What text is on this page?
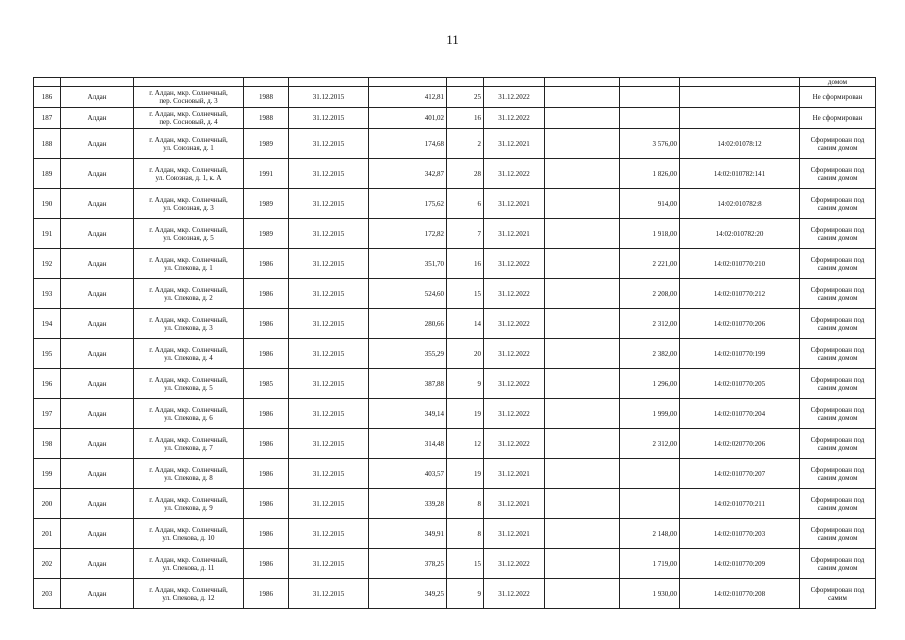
11
											домом
186	Алдан	г. Алдан, мкр. Солнечный,
пер. Сосновый, д. 3	1988	31.12.2015	412,81	25	31.12.2022				Не сформирован
187	Алдан	г. Алдан, мкр. Солнечный,
пер. Сосновый, д. 4	1988	31.12.2015	401,02	16	31.12.2022				Не сформирован
188	Алдан	г. Алдан, мкр. Солнечный,
ул. Союзная, д. 1	1989	31.12.2015	174,68	2	31.12.2021		3 576,00	14:02:01078:12	Сформирован под самим домом
189	Алдан	г. Алдан, мкр. Солнечный,
ул. Союзная, д. 1, к. А	1991	31.12.2015	342,87	28	31.12.2022		1 826,00	14:02:010782:141	Сформирован под самим домом
190	Алдан	г. Алдан, мкр. Солнечный,
ул. Союзная, д. 3	1989	31.12.2015	175,62	6	31.12.2021		914,00	14:02:010782:8	Сформирован под самим домом
191	Алдан	г. Алдан, мкр. Солнечный,
ул. Союзная, д. 5	1989	31.12.2015	172,82	7	31.12.2021		1 918,00	14:02:010782:20	Сформирован под самим домом
192	Алдан	г. Алдан, мкр. Солнечный,
ул. Спекова, д. 1	1986	31.12.2015	351,70	16	31.12.2022		2 221,00	14:02:010770:210	Сформирован под самим домом
193	Алдан	г. Алдан, мкр. Солнечный,
ул. Спекова, д. 2	1986	31.12.2015	524,60	15	31.12.2022		2 208,00	14:02:010770:212	Сформирован под самим домом
194	Алдан	г. Алдан, мкр. Солнечный,
ул. Спекова, д. 3	1986	31.12.2015	280,66	14	31.12.2022		2 312,00	14:02:010770:206	Сформирован под самим домом
195	Алдан	г. Алдан, мкр. Солнечный,
ул. Спекова, д. 4	1986	31.12.2015	355,29	20	31.12.2022		2 382,00	14:02:010770:199	Сформирован под самим домом
196	Алдан	г. Алдан, мкр. Солнечный,
ул. Спекова, д. 5	1985	31.12.2015	387,88	9	31.12.2022		1 296,00	14:02:010770:205	Сформирован под самим домом
197	Алдан	г. Алдан, мкр. Солнечный,
ул. Спекова, д. 6	1986	31.12.2015	349,14	19	31.12.2022		1 999,00	14:02:010770:204	Сформирован под самим домом
198	Алдан	г. Алдан, мкр. Солнечный,
ул. Спекова, д. 7	1986	31.12.2015	314,48	12	31.12.2022		2 312,00	14:02:020770:206	Сформирован под самим домом
199	Алдан	г. Алдан, мкр. Солнечный,
ул. Спекова, д. 8	1986	31.12.2015	403,57	19	31.12.2021			14:02:010770:207	Сформирован под самим домом
200	Алдан	г. Алдан, мкр. Солнечный,
ул. Спекова, д. 9	1986	31.12.2015	339,28	8	31.12.2021			14:02:010770:211	Сформирован под самим домом
201	Алдан	г. Алдан, мкр. Солнечный,
ул. Спекова, д. 10	1986	31.12.2015	349,91	8	31.12.2021		2 148,00	14:02:010770:203	Сформирован под самим домом
202	Алдан	г. Алдан, мкр. Солнечный,
ул. Спекова, д. 11	1986	31.12.2015	378,25	15	31.12.2022		1 719,00	14:02:010770:209	Сформирован под самим домом
203	Алдан	г. Алдан, мкр. Солнечный,
ул. Спекова, д. 12	1986	31.12.2015	349,25	9	31.12.2022		1 930,00	14:02:010770:208	Сформирован под самим
